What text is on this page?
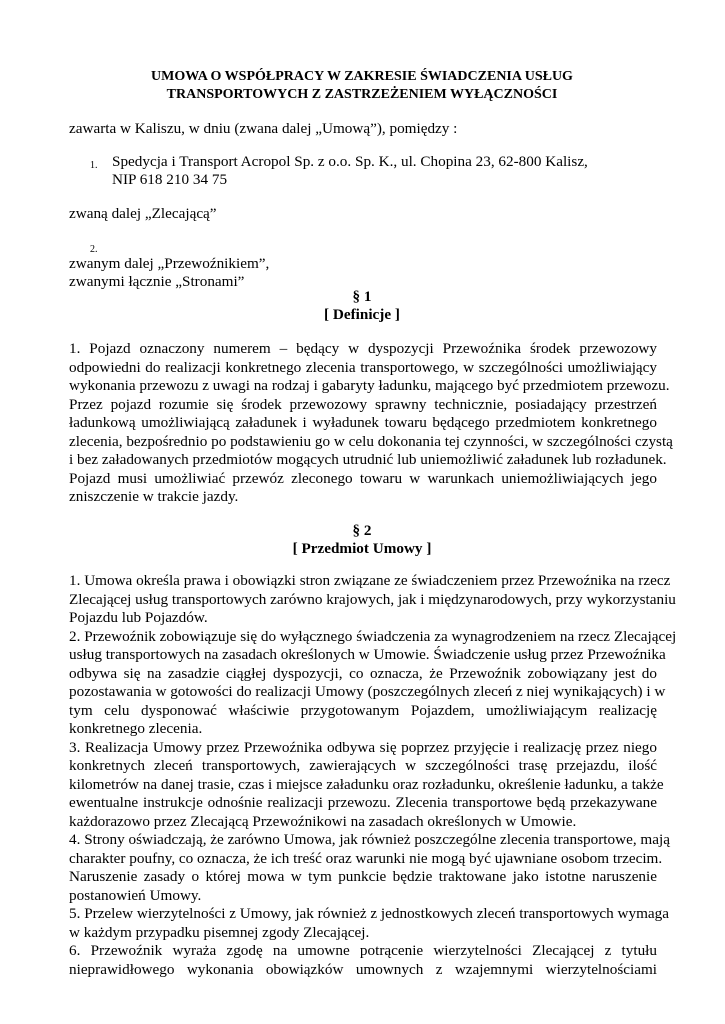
UMOWA O WSPÓŁPRACY W ZAKRESIE ŚWIADCZENIA USŁUG
TRANSPORTOWYCH Z ZASTRZEŻENIEM WYŁĄCZNOŚCI
zawarta w Kaliszu, w dniu (zwana dalej „Umową”), pomiędzy :
1. Spedycja i Transport Acropol Sp. z o.o. Sp. K., ul. Chopina 23, 62-800 Kalisz,
NIP 618 210 34 75
zwaną dalej „Zlecającą”
2.
zwanym dalej „Przewoźnikiem”,
zwanymi łącznie „Stronami”
§ 1
[ Definicje ]
1. Pojazd oznaczony numerem – będący w dyspozycji Przewoźnika środek przewozowy
odpowiedni do realizacji konkretnego zlecenia transportowego, w szczególności umożliwiający
wykonania przewozu z uwagi na rodzaj i gabaryty ładunku, mającego być przedmiotem przewozu.
Przez pojazd rozumie się środek przewozowy sprawny technicznie, posiadający przestrzeń
ładunkową umożliwiającą załadunek i wyładunek towaru będącego przedmiotem konkretnego
zlecenia, bezpośrednio po podstawieniu go w celu dokonania tej czynności, w szczególności czystą
i bez załadowanych przedmiotów mogących utrudnić lub uniemożliwić załadunek lub rozładunek.
Pojazd musi umożliwiać przewóz zleconego towaru w warunkach uniemożliwiających jego
zniszczenie w trakcie jazdy.
§ 2
[ Przedmiot Umowy ]
1. Umowa określa prawa i obowiązki stron związane ze świadczeniem przez Przewoźnika na rzecz
Zlecającej usług transportowych zarówno krajowych, jak i międzynarodowych, przy wykorzystaniu
Pojazdu lub Pojazdów.
2. Przewoźnik zobowiązuje się do wyłącznego świadczenia za wynagrodzeniem na rzecz Zlecającej
usług transportowych na zasadach określonych w Umowie. Świadczenie usług przez Przewoźnika
odbywa się na zasadzie ciągłej dyspozycji, co oznacza, że Przewoźnik zobowiązany jest do
pozostawania w gotowości do realizacji Umowy (poszczególnych zleceń z niej wynikających) i w
tym celu dysponować właściwie przygotowanym Pojazdem, umożliwiającym realizację
konkretnego zlecenia.
3. Realizacja Umowy przez Przewoźnika odbywa się poprzez przyjęcie i realizację przez niego
konkretnych zleceń transportowych, zawierających w szczególności trasę przejazdu, ilość
kilometrów na danej trasie, czas i miejsce załadunku oraz rozładunku, określenie ładunku, a także
ewentualne instrukcje odnośnie realizacji przewozu. Zlecenia transportowe będą przekazywane
każdorazowo przez Zlecającą Przewoźnikowi na zasadach określonych w Umowie.
4. Strony oświadczają, że zarówno Umowa, jak również poszczególne zlecenia transportowe, mają
charakter poufny, co oznacza, że ich treść oraz warunki nie mogą być ujawniane osobom trzecim.
Naruszenie zasady o której mowa w tym punkcie będzie traktowane jako istotne naruszenie
postanowień Umowy.
5. Przelew wierzytelności z Umowy, jak również z jednostkowych zleceń transportowych wymaga
w każdym przypadku pisemnej zgody Zlecającej.
6. Przewoźnik wyraża zgodę na umowne potrącenie wierzytelności Zlecającej z tytułu
nieprawidłowego wykonania obowiązków umownych z wzajemnymi wierzytelnościami
